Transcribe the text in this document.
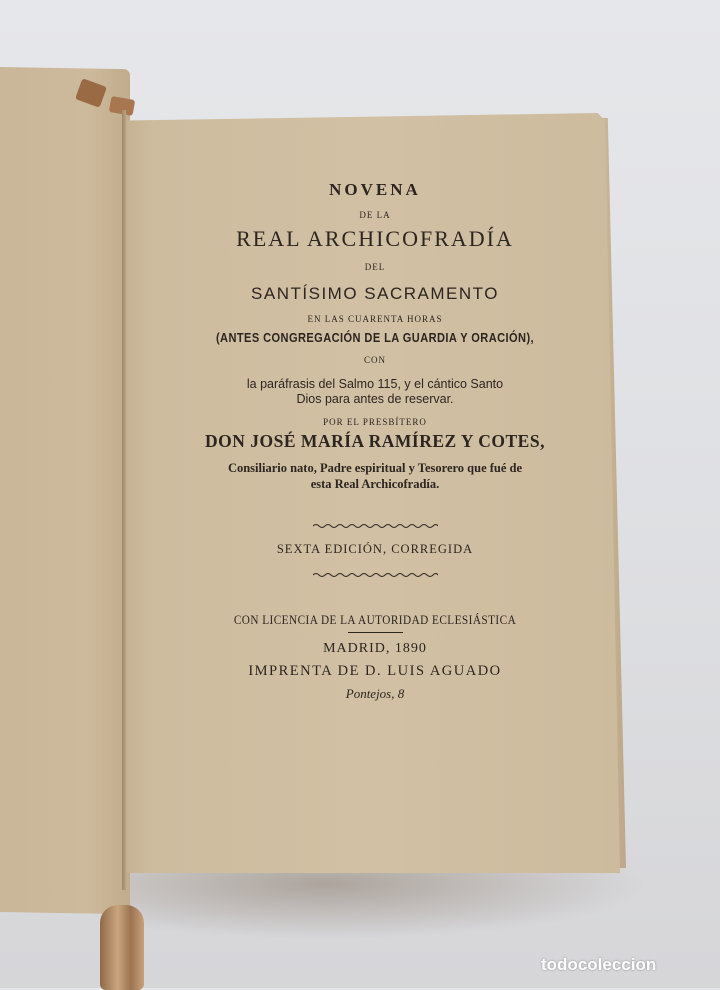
NOVENA
DE LA
REAL ARCHICOFRADÍA
DEL
SANTÍSIMO SACRAMENTO
EN LAS CUARENTA HORAS
(ANTES CONGREGACIÓN DE LA GUARDIA Y ORACIÓN),
CON
la paráfrasis del Salmo 115, y el cántico Santo
Dios para antes de reservar.
POR EL PRESBÍTERO
DON JOSÉ MARÍA RAMÍREZ Y COTES,
Consiliario nato, Padre espiritual y Tesorero que fué de
esta Real Archicofradía.
SEXTA EDICIÓN, CORREGIDA
CON LICENCIA DE LA AUTORIDAD ECLESIÁSTICA
MADRID, 1890
IMPRENTA DE D. LUIS AGUADO
Pontejos, 8
todocoleccion
